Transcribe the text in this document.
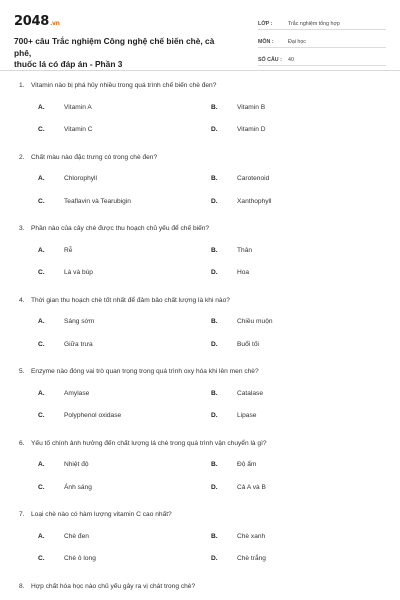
2048.vn
700+ câu Trắc nghiệm Công nghệ chế biến chè, cà phê,
thuốc lá có đáp án - Phần 3
LỚP :	Trắc nghiệm tổng hợp
MÔN :	Đại học
SỐ CÂU :	40
1. Vitamin nào bị phá hủy nhiều trong quá trình chế biến chè đen?
A.	Vitamin A	B.	Vitamin B
C.	Vitamin C	D.	Vitamin D
2. Chất màu nào đặc trưng có trong chè đen?
A.	Chlorophyll	B.	Carotenoid
C.	Teaflavin và Tearubigin	D.	Xanthophyll
3. Phần nào của cây chè được thu hoạch chủ yếu để chế biến?
A.	Rễ	B.	Thân
C.	Lá và búp	D.	Hoa
4. Thời gian thu hoạch chè tốt nhất để đảm bảo chất lượng là khi nào?
A.	Sáng sớm	B.	Chiều muộn
C.	Giữa trưa	D.	Buổi tối
5. Enzyme nào đóng vai trò quan trọng trong quá trình oxy hóa khi lên men chè?
A.	Amylase	B.	Catalase
C.	Polyphenol oxidase	D.	Lipase
6. Yếu tố chính ảnh hưởng đến chất lượng lá chè trong quá trình vận chuyển là gì?
A.	Nhiệt độ	B.	Độ ẩm
C.	Ánh sáng	D.	Cả A và B
7. Loại chè nào có hàm lượng vitamin C cao nhất?
A.	Chè đen	B.	Chè xanh
C.	Chè ô long	D.	Chè trắng
8. Hợp chất hóa học nào chủ yếu gây ra vị chát trong chè?
